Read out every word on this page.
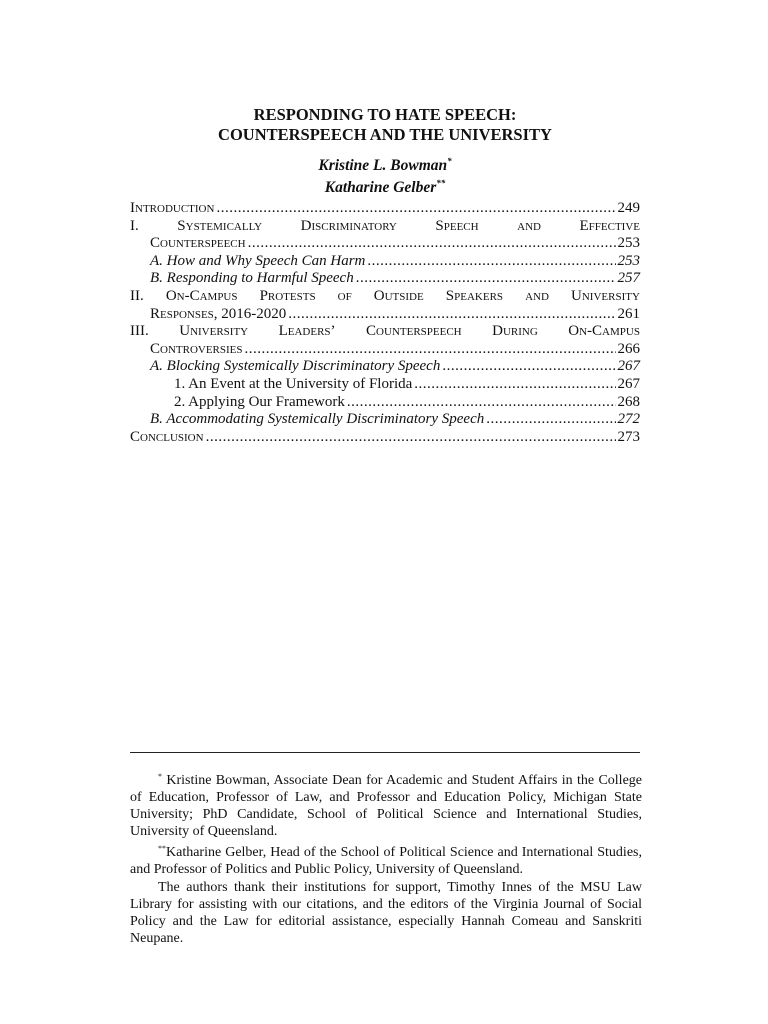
RESPONDING TO HATE SPEECH:
COUNTERSPEECH AND THE UNIVERSITY
Kristine L. Bowman*
Katharine Gelber**
Introduction .....	249
I.	Systemically	Discriminatory	Speech	and	Effective
Counterspeech .....	253
A. How and Why Speech Can Harm .....	253
B. Responding to Harmful Speech .....	257
II. On-Campus Protests of Outside Speakers and University
Responses, 2016-2020 .....	261
III. University Leaders’ Counterspeech During On-Campus
Controversies .....	266
A. Blocking Systemically Discriminatory Speech .....	267
1. An Event at the University of Florida .....	267
2. Applying Our Framework .....	268
B. Accommodating Systemically Discriminatory Speech .....	272
Conclusion .....	273

* Kristine Bowman, Associate Dean for Academic and Student Affairs in the College of Education, Professor of Law, and Professor and Education Policy, Michigan State University; PhD Candidate, School of Political Science and International Studies, University of Queensland.

**Katharine Gelber, Head of the School of Political Science and International Studies, and Professor of Politics and Public Policy, University of Queensland.

The authors thank their institutions for support, Timothy Innes of the MSU Law Library for assisting with our citations, and the editors of the Virginia Journal of Social Policy and the Law for editorial assistance, especially Hannah Comeau and Sanskriti Neupane.
